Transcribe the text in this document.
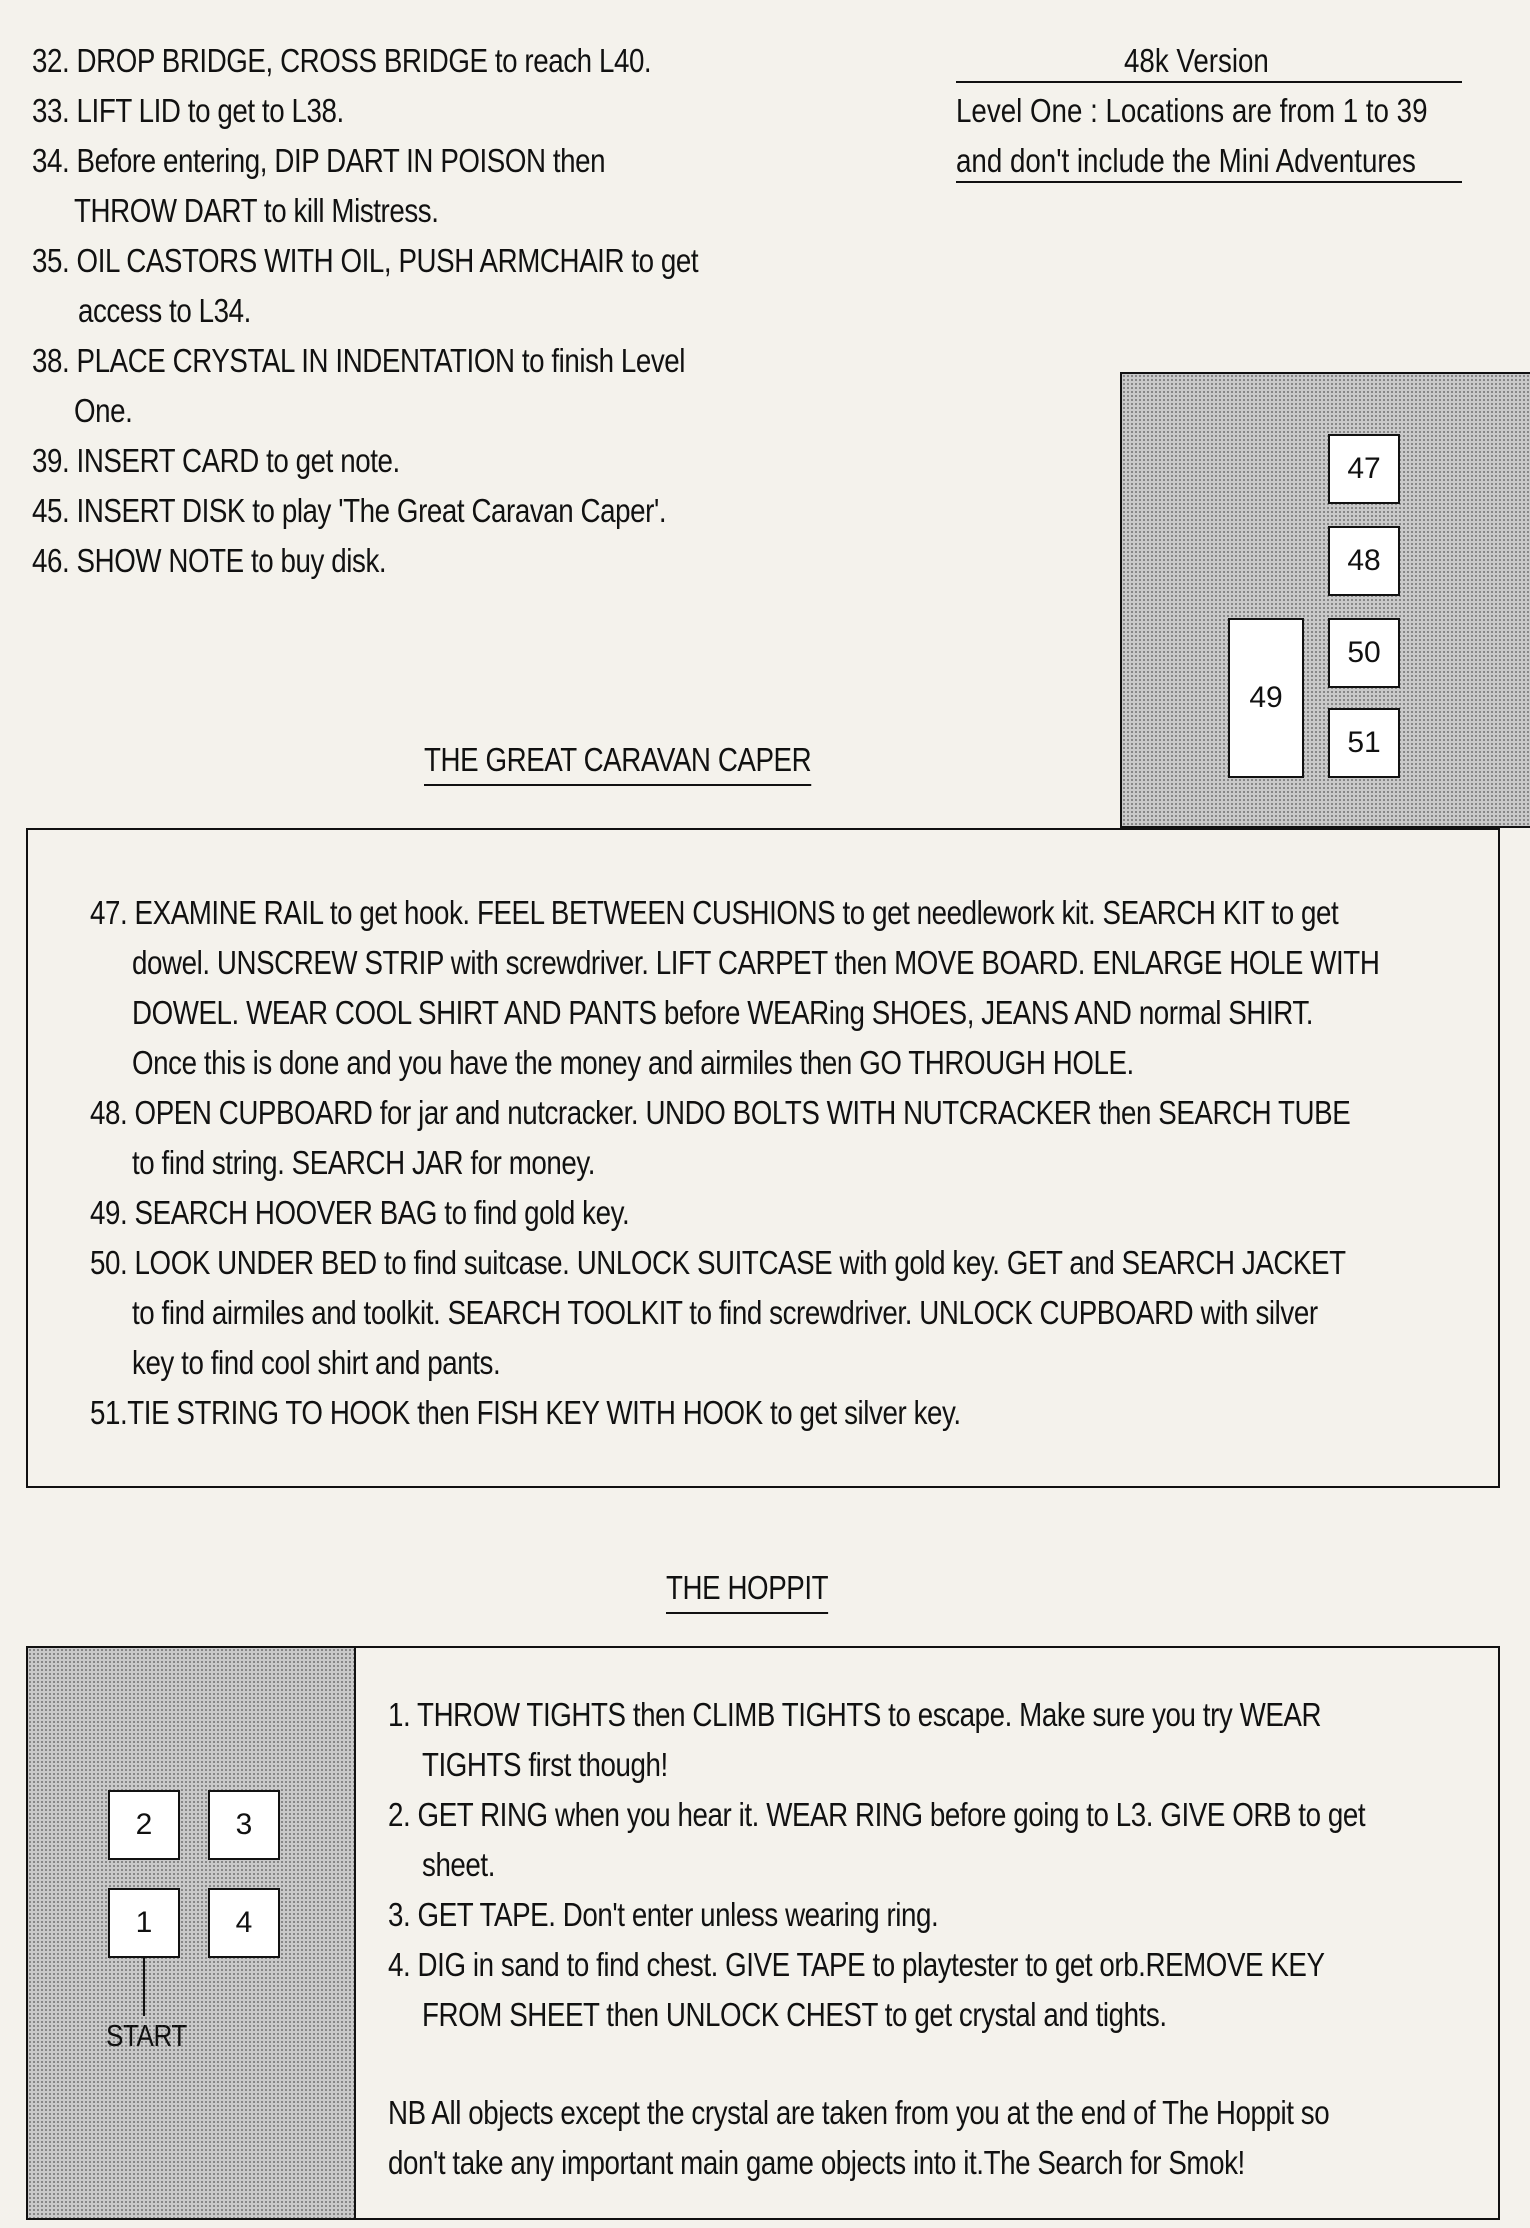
32. DROP BRIDGE, CROSS BRIDGE to reach L40.
33. LIFT LID to get to L38.
34. Before entering, DIP DART IN POISON then
THROW DART to kill Mistress.
35. OIL CASTORS WITH OIL, PUSH ARMCHAIR to get
access to L34.
38. PLACE CRYSTAL IN INDENTATION to finish Level
One.
39. INSERT CARD to get note.
45. INSERT DISK to play 'The Great Caravan Caper'.
46. SHOW NOTE to buy disk.
48k Version
Level One : Locations are from 1 to 39
and don't include the Mini Adventures
47
48
50
51
49
THE GREAT CARAVAN CAPER
47. EXAMINE RAIL to get hook. FEEL BETWEEN CUSHIONS to get needlework kit. SEARCH KIT to get
dowel. UNSCREW STRIP with screwdriver. LIFT CARPET then MOVE BOARD. ENLARGE HOLE WITH
DOWEL. WEAR COOL SHIRT AND PANTS before WEARing SHOES, JEANS AND normal SHIRT.
Once this is done and you have the money and airmiles then GO THROUGH HOLE.
48. OPEN CUPBOARD for jar and nutcracker. UNDO BOLTS WITH NUTCRACKER then SEARCH TUBE
to find string. SEARCH JAR for money.
49. SEARCH HOOVER BAG to find gold key.
50. LOOK UNDER BED to find suitcase. UNLOCK SUITCASE with gold key. GET and SEARCH JACKET
to find airmiles and toolkit. SEARCH TOOLKIT to find screwdriver. UNLOCK CUPBOARD with silver
key to find cool shirt and pants.
51.TIE STRING TO HOOK then FISH KEY WITH HOOK to get silver key.
THE HOPPIT
2	3
1	4
START
1. THROW TIGHTS then CLIMB TIGHTS to escape. Make sure you try WEAR
TIGHTS first though!
2. GET RING when you hear it. WEAR RING before going to L3. GIVE ORB to get
sheet.
3. GET TAPE. Don't enter unless wearing ring.
4. DIG in sand to find chest. GIVE TAPE to playtester to get orb.REMOVE KEY
FROM SHEET then UNLOCK CHEST to get crystal and tights.
NB All objects except the crystal are taken from you at the end of The Hoppit so
don't take any important main game objects into it.The Search for Smok!
